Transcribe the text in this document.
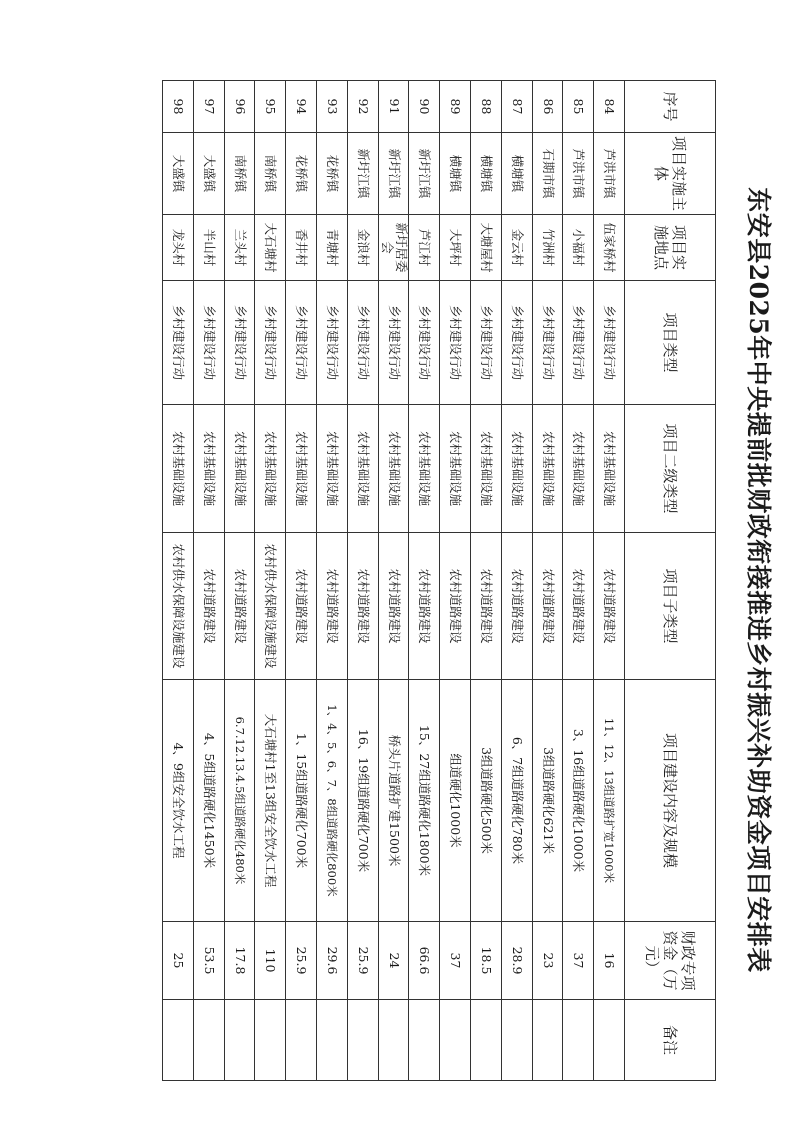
东安县2025年中央提前批财政衔接推进乡村振兴补助资金项目安排表
序号	项目实施主体	项目实施地点	项目类型	项目二级类型	项目子类型	项目建设内容及规模	财政专项资金（万元）	备注
84	芦洪市镇	伍家桥村	乡村建设行动	农村基础设施	农村道路建设	11、12、13组道路扩宽1000米	16	
85	芦洪市镇	小福村	乡村建设行动	农村基础设施	农村道路建设	3、16组道路硬化1000米	37	
86	石期市镇	竹洲村	乡村建设行动	农村基础设施	农村道路建设	3组道路硬化621米	23	
87	横塘镇	金云村	乡村建设行动	农村基础设施	农村道路建设	6、7组道路硬化780米	28.9	
88	横塘镇	大塘屋村	乡村建设行动	农村基础设施	农村道路建设	3组道路硬化500米	18.5	
89	横塘镇	大坪村	乡村建设行动	农村基础设施	农村道路建设	组道硬化1000米	37	
90	新圩江镇	芦江村	乡村建设行动	农村基础设施	农村道路建设	15、27组道路硬化1800米	66.6	
91	新圩江镇	新圩居委会	乡村建设行动	农村基础设施	农村道路建设	桥头片道路扩建1500米	24	
92	新圩江镇	金浪村	乡村建设行动	农村基础设施	农村道路建设	16、19组道路硬化700米	25.9	
93	花桥镇	青塘村	乡村建设行动	农村基础设施	农村道路建设	1、4、5、6、7、8组道路硬化800米	29.6	
94	花桥镇	香井村	乡村建设行动	农村基础设施	农村道路建设	1、15组道路硬化700米	25.9	
95	南桥镇	大石塘村	乡村建设行动	农村基础设施	农村供水保障设施建设	大石塘村1至13组安全饮水工程	110	
96	南桥镇	兰头村	乡村建设行动	农村基础设施	农村道路建设	6.7.12.13.4.5组道路硬化480米	17.8	
97	大盛镇	半山村	乡村建设行动	农村基础设施	农村道路建设	4、5组道路硬化1450米	53.5	
98	大盛镇	龙头村	乡村建设行动	农村基础设施	农村供水保障设施建设	4、9组安全饮水工程	25	
